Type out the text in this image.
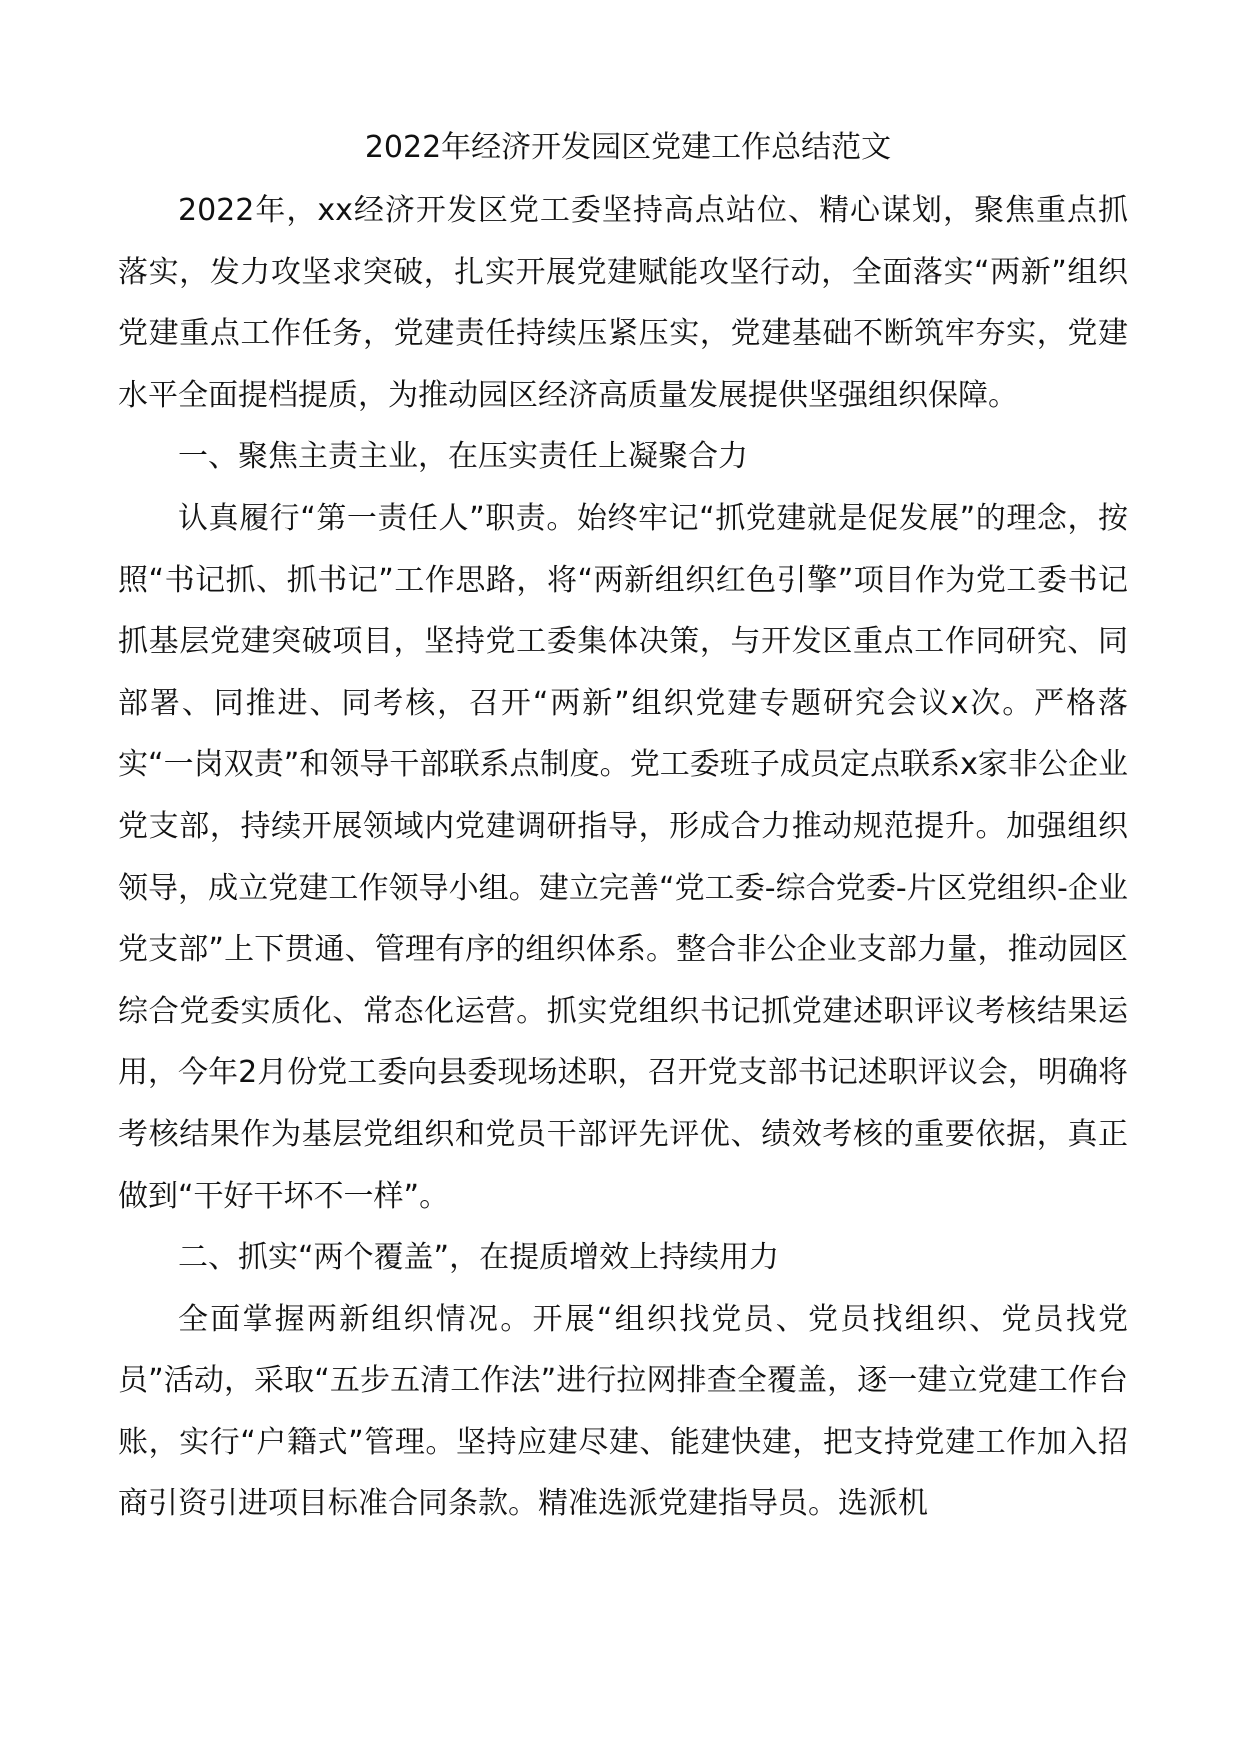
2022年经济开发园区党建工作总结范文

2022年，xx经济开发区党工委坚持高点站位、精心谋划，聚焦重点抓落实，发力攻坚求突破，扎实开展党建赋能攻坚行动，全面落实“两新”组织党建重点工作任务，党建责任持续压紧压实，党建基础不断筑牢夯实，党建水平全面提档提质，为推动园区经济高质量发展提供坚强组织保障。

一、聚焦主责主业，在压实责任上凝聚合力

认真履行“第一责任人”职责。始终牢记“抓党建就是促发展”的理念，按照“书记抓、抓书记”工作思路，将“两新组织红色引擎”项目作为党工委书记抓基层党建突破项目，坚持党工委集体决策，与开发区重点工作同研究、同部署、同推进、同考核，召开“两新”组织党建专题研究会议x次。严格落实“一岗双责”和领导干部联系点制度。党工委班子成员定点联系x家非公企业党支部，持续开展领域内党建调研指导，形成合力推动规范提升。加强组织领导，成立党建工作领导小组。建立完善“党工委-综合党委-片区党组织-企业党支部”上下贯通、管理有序的组织体系。整合非公企业支部力量，推动园区综合党委实质化、常态化运营。抓实党组织书记抓党建述职评议考核结果运用，今年2月份党工委向县委现场述职，召开党支部书记述职评议会，明确将考核结果作为基层党组织和党员干部评先评优、绩效考核的重要依据，真正做到“干好干坏不一样”。

二、抓实“两个覆盖”，在提质增效上持续用力

全面掌握两新组织情况。开展“组织找党员、党员找组织、党员找党员”活动，采取“五步五清工作法”进行拉网排查全覆盖，逐一建立党建工作台账，实行“户籍式”管理。坚持应建尽建、能建快建，把支持党建工作加入招商引资引进项目标准合同条款。精准选派党建指导员。选派机
